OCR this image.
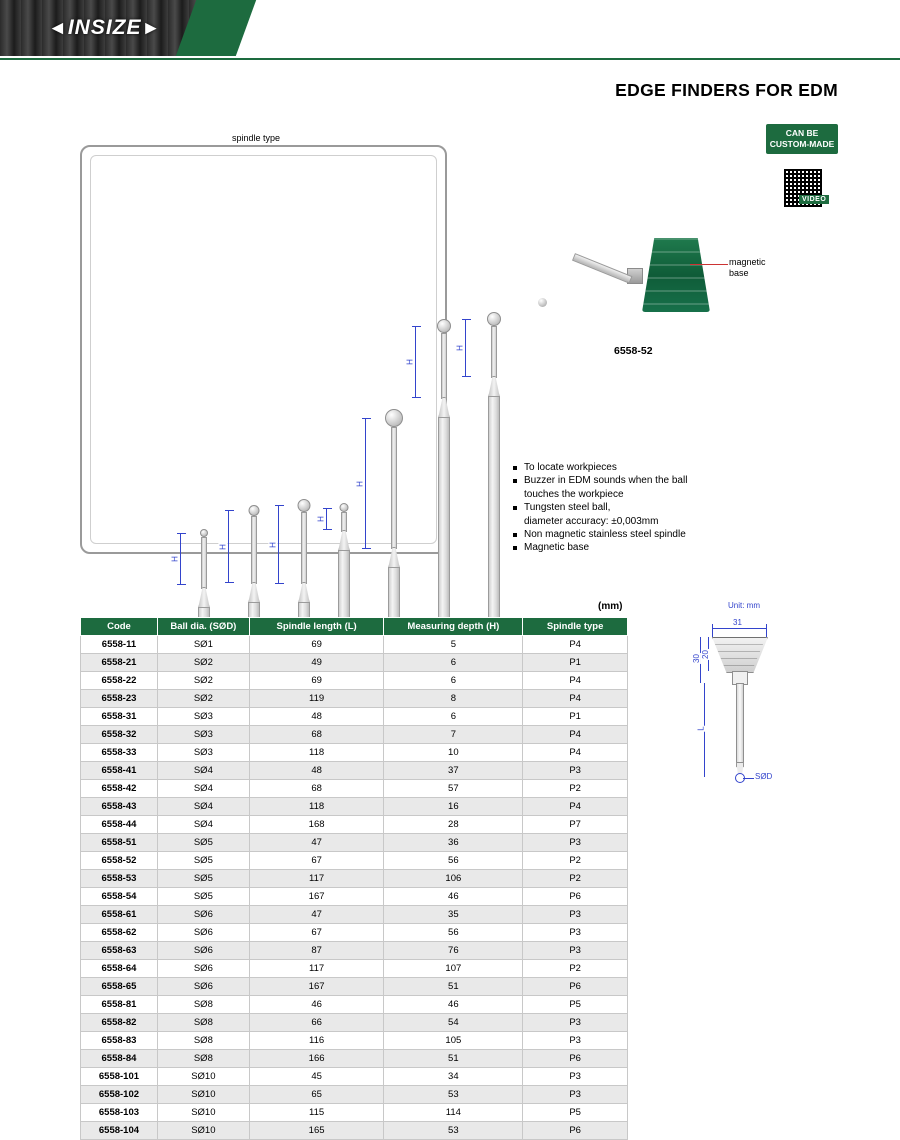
◄INSIZE►
EDGE FINDERS FOR EDM
CAN BE
CUSTOM-MADE
VIDEO
spindle type
H
H	H
H
H
H
H
magnetic
base
6558-52
To locate workpieces
Buzzer in EDM sounds when the ball
touches the workpiece
Tungsten steel ball,
diameter accuracy: ±0,003mm
Non magnetic stainless steel spindle
Magnetic base
(mm)
Code	Ball dia. (SØD)	Spindle length (L)	Measuring depth (H)	Spindle type
6558-11	SØ1	69	5	P4
6558-21	SØ2	49	6	P1
6558-22	SØ2	69	6	P4
6558-23	SØ2	119	8	P4
6558-31	SØ3	48	6	P1
6558-32	SØ3	68	7	P4
6558-33	SØ3	118	10	P4
6558-41	SØ4	48	37	P3
6558-42	SØ4	68	57	P2
6558-43	SØ4	118	16	P4
6558-44	SØ4	168	28	P7
6558-51	SØ5	47	36	P3
6558-52	SØ5	67	56	P2
6558-53	SØ5	117	106	P2
6558-54	SØ5	167	46	P6
6558-61	SØ6	47	35	P3
6558-62	SØ6	67	56	P3
6558-63	SØ6	87	76	P3
6558-64	SØ6	117	107	P2
6558-65	SØ6	167	51	P6
6558-81	SØ8	46	46	P5
6558-82	SØ8	66	54	P3
6558-83	SØ8	116	105	P3
6558-84	SØ8	166	51	P6
6558-101	SØ10	45	34	P3
6558-102	SØ10	65	53	P3
6558-103	SØ10	115	114	P5
6558-104	SØ10	165	53	P6
Unit: mm
31
30 20
L
SØD
